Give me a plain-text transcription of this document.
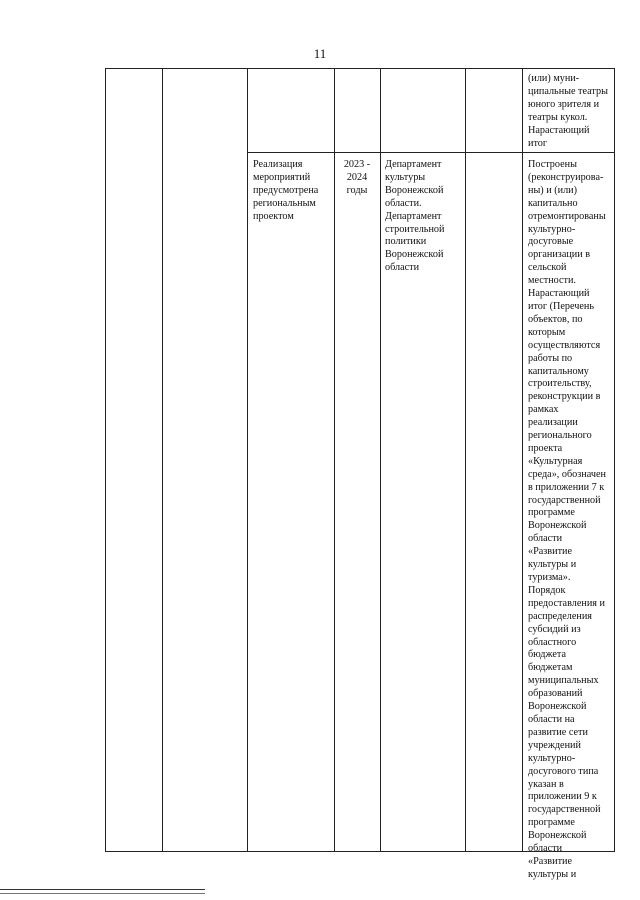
11
(или) муни-
ципальные театры
юного зрителя и
театры кукол.
Нарастающий
итог
Реализация
мероприятий
предусмотрена
региональным
проектом
2023 -
2024
годы
Департамент
культуры
Воронежской
области.
Департамент
строительной
политики
Воронежской
области
Построены
(реконструирова-
ны) и (или)
капитально
отремонтированы
культурно-
досуговые
организации в
сельской
местности.
Нарастающий
итог (Перечень
объектов, по
которым
осуществляются
работы по
капитальному
строительству,
реконструкции в
рамках
реализации
регионального
проекта
«Культурная
среда», обозначен
в приложении 7 к
государственной
программе
Воронежской
области
«Развитие
культуры и
туризма».
Порядок
предоставления и
распределения
субсидий из
областного
бюджета
бюджетам
муниципальных
образований
Воронежской
области на
развитие сети
учреждений
культурно-
досугового типа
указан в
приложении 9 к
государственной
программе
Воронежской
области
«Развитие
культуры и
